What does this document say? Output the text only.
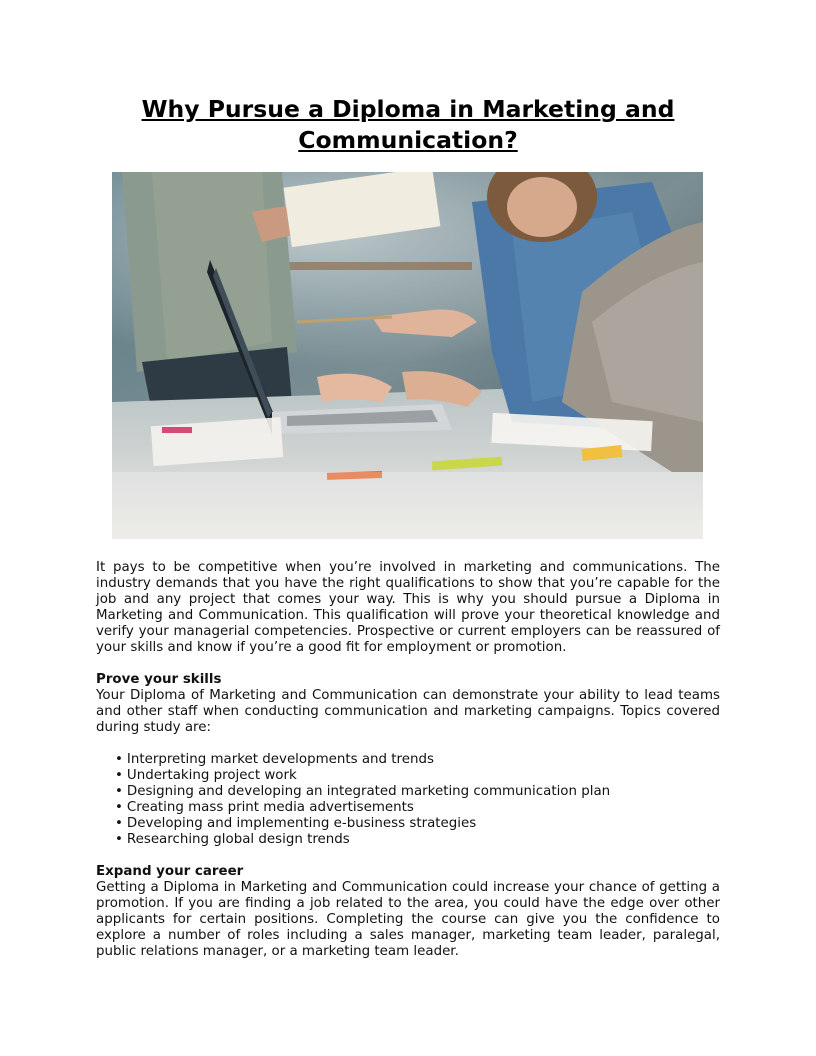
Why Pursue a Diploma in Marketing and Communication?

It pays to be competitive when you’re involved in marketing and communications. The industry demands that you have the right qualifications to show that you’re capable for the job and any project that comes your way. This is why you should pursue a Diploma in Marketing and Communication. This qualification will prove your theoretical knowledge and verify your managerial competencies. Prospective or current employers can be reassured of your skills and know if you’re a good fit for employment or promotion.

Prove your skills

Your Diploma of Marketing and Communication can demonstrate your ability to lead teams and other staff when conducting communication and marketing campaigns. Topics covered during study are:

• Interpreting market developments and trends
• Undertaking project work
• Designing and developing an integrated marketing communication plan
• Creating mass print media advertisements
• Developing and implementing e-business strategies
• Researching global design trends

Expand your career

Getting a Diploma in Marketing and Communication could increase your chance of getting a promotion. If you are finding a job related to the area, you could have the edge over other applicants for certain positions. Completing the course can give you the confidence to explore a number of roles including a sales manager, marketing team leader, paralegal, public relations manager, or a marketing team leader.
